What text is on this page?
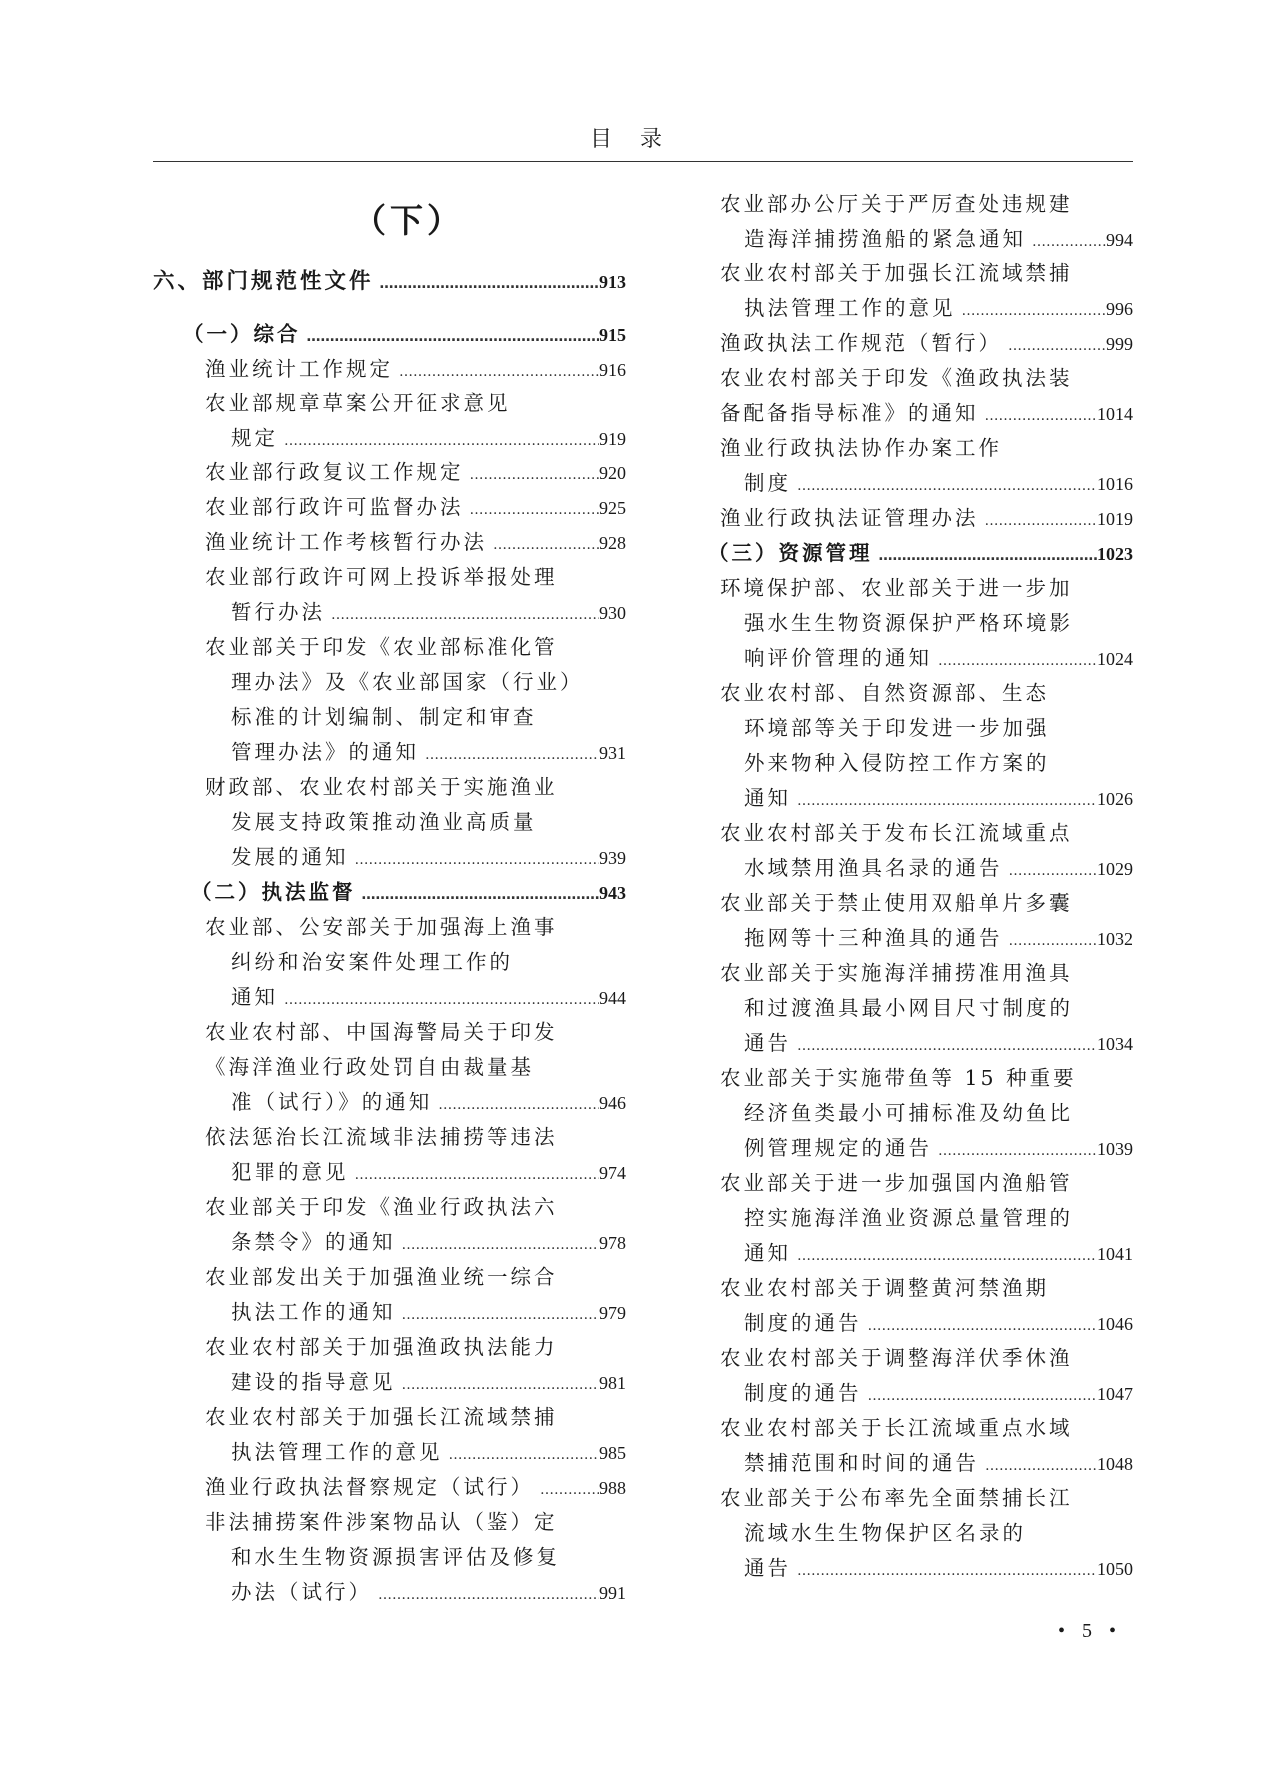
目录
（下）
六、部门规范性文件 ……………………………………………………………………………………………………………………………………………………………………………………………	913
（一）综合 ……………………………………………………………………………………………………………………………………………………………………………………………	915
渔业统计工作规定 ……………………………………………………………………………………………………………………………………………………………………………………………	916
农业部规章草案公开征求意见
规定 ……………………………………………………………………………………………………………………………………………………………………………………………	919
农业部行政复议工作规定 ……………………………………………………………………………………………………………………………………………………………………………………………	920
农业部行政许可监督办法 ……………………………………………………………………………………………………………………………………………………………………………………………	925
渔业统计工作考核暂行办法 ……………………………………………………………………………………………………………………………………………………………………………………………	928
农业部行政许可网上投诉举报处理
暂行办法 ……………………………………………………………………………………………………………………………………………………………………………………………	930
农业部关于印发《农业部标准化管
理办法》及《农业部国家（行业）
标准的计划编制、制定和审查
管理办法》的通知 ……………………………………………………………………………………………………………………………………………………………………………………………	931
财政部、农业农村部关于实施渔业
发展支持政策推动渔业高质量
发展的通知 ……………………………………………………………………………………………………………………………………………………………………………………………	939
（二）执法监督 ……………………………………………………………………………………………………………………………………………………………………………………………	943
农业部、公安部关于加强海上渔事
纠纷和治安案件处理工作的
通知 ……………………………………………………………………………………………………………………………………………………………………………………………	944
农业农村部、中国海警局关于印发
《海洋渔业行政处罚自由裁量基
准（试行）》的通知 ……………………………………………………………………………………………………………………………………………………………………………………………	946
依法惩治长江流域非法捕捞等违法
犯罪的意见 ……………………………………………………………………………………………………………………………………………………………………………………………	974
农业部关于印发《渔业行政执法六
条禁令》的通知 ……………………………………………………………………………………………………………………………………………………………………………………………	978
农业部发出关于加强渔业统一综合
执法工作的通知 ……………………………………………………………………………………………………………………………………………………………………………………………	979
农业农村部关于加强渔政执法能力
建设的指导意见 ……………………………………………………………………………………………………………………………………………………………………………………………	981
农业农村部关于加强长江流域禁捕
执法管理工作的意见 ……………………………………………………………………………………………………………………………………………………………………………………………	985
渔业行政执法督察规定（试行） ……………………………………………………………………………………………………………………………………………………………………………………………	988
非法捕捞案件涉案物品认（鉴）定
和水生生物资源损害评估及修复
办法（试行） ……………………………………………………………………………………………………………………………………………………………………………………………	991
农业部办公厅关于严厉查处违规建
造海洋捕捞渔船的紧急通知 ……………………………………………………………………………………………………………………………………………………………………………………………	994
农业农村部关于加强长江流域禁捕
执法管理工作的意见 ……………………………………………………………………………………………………………………………………………………………………………………………	996
渔政执法工作规范（暂行） ……………………………………………………………………………………………………………………………………………………………………………………………	999
农业农村部关于印发《渔政执法装
备配备指导标准》的通知 ……………………………………………………………………………………………………………………………………………………………………………………………	1014
渔业行政执法协作办案工作
制度 ……………………………………………………………………………………………………………………………………………………………………………………………	1016
渔业行政执法证管理办法 ……………………………………………………………………………………………………………………………………………………………………………………………	1019
（三）资源管理 ……………………………………………………………………………………………………………………………………………………………………………………………	1023
环境保护部、农业部关于进一步加
强水生生物资源保护严格环境影
响评价管理的通知 ……………………………………………………………………………………………………………………………………………………………………………………………	1024
农业农村部、自然资源部、生态
环境部等关于印发进一步加强
外来物种入侵防控工作方案的
通知 ……………………………………………………………………………………………………………………………………………………………………………………………	1026
农业农村部关于发布长江流域重点
水域禁用渔具名录的通告 ……………………………………………………………………………………………………………………………………………………………………………………………	1029
农业部关于禁止使用双船单片多囊
拖网等十三种渔具的通告 ……………………………………………………………………………………………………………………………………………………………………………………………	1032
农业部关于实施海洋捕捞准用渔具
和过渡渔具最小网目尺寸制度的
通告 ……………………………………………………………………………………………………………………………………………………………………………………………	1034
农业部关于实施带鱼等 15 种重要
经济鱼类最小可捕标准及幼鱼比
例管理规定的通告 ……………………………………………………………………………………………………………………………………………………………………………………………	1039
农业部关于进一步加强国内渔船管
控实施海洋渔业资源总量管理的
通知 ……………………………………………………………………………………………………………………………………………………………………………………………	1041
农业农村部关于调整黄河禁渔期
制度的通告 ……………………………………………………………………………………………………………………………………………………………………………………………	1046
农业农村部关于调整海洋伏季休渔
制度的通告 ……………………………………………………………………………………………………………………………………………………………………………………………	1047
农业农村部关于长江流域重点水域
禁捕范围和时间的通告 ……………………………………………………………………………………………………………………………………………………………………………………………	1048
农业部关于公布率先全面禁捕长江
流域水生生物保护区名录的
通告 ……………………………………………………………………………………………………………………………………………………………………………………………	1050
• 5 •
